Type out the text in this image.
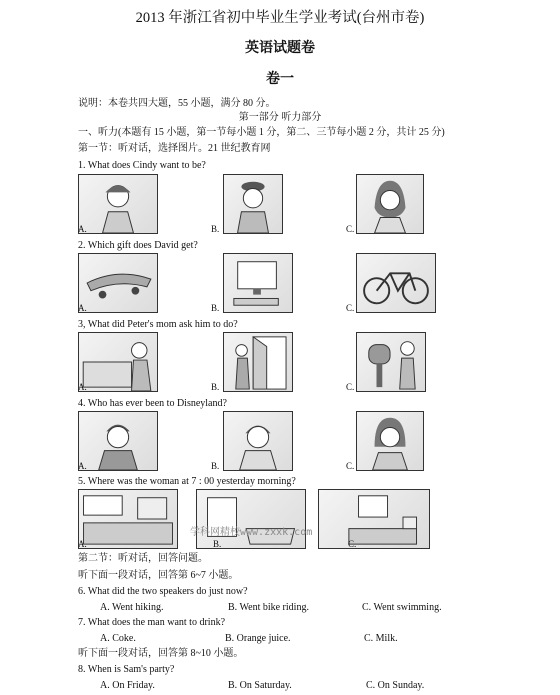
2013 年浙江省初中毕业生学业考试(台州市卷)
英语试题卷
卷一
说明：本卷共四大题，55 小题，满分 80 分。
第一部分 听力部分
一、听力(本题有 15 小题，第一节每小题 1 分，第二、三节每小题 2 分，共计 25 分)
第一节：听对话，选择图片。21 世纪教育网
1. What does Cindy want to be?
A.	B.	C.
2. Which gift does David get?
A.	B.	C.
3, What did Peter's mom ask him to do?
A.	B.	C.
4. Who has ever been to Disneyland?
A.	B.	C.
5. Where was the woman at 7 : 00 yesterday morning?
A.	B.	C.
学科网精校www.zxxk.com
第二节：听对话，回答问题。
听下面一段对话，回答第 6~7 小题。
6. What did the two speakers do just now?
A. Went hiking.	B. Went bike riding.	C. Went swimming.
7. What does the man want to drink?
A. Coke.	B. Orange juice.	C. Milk.
听下面一段对话，回答第 8~10 小题。
8. When is Sam's party?
A. On Friday.	B. On Saturday.	C. On Sunday.
